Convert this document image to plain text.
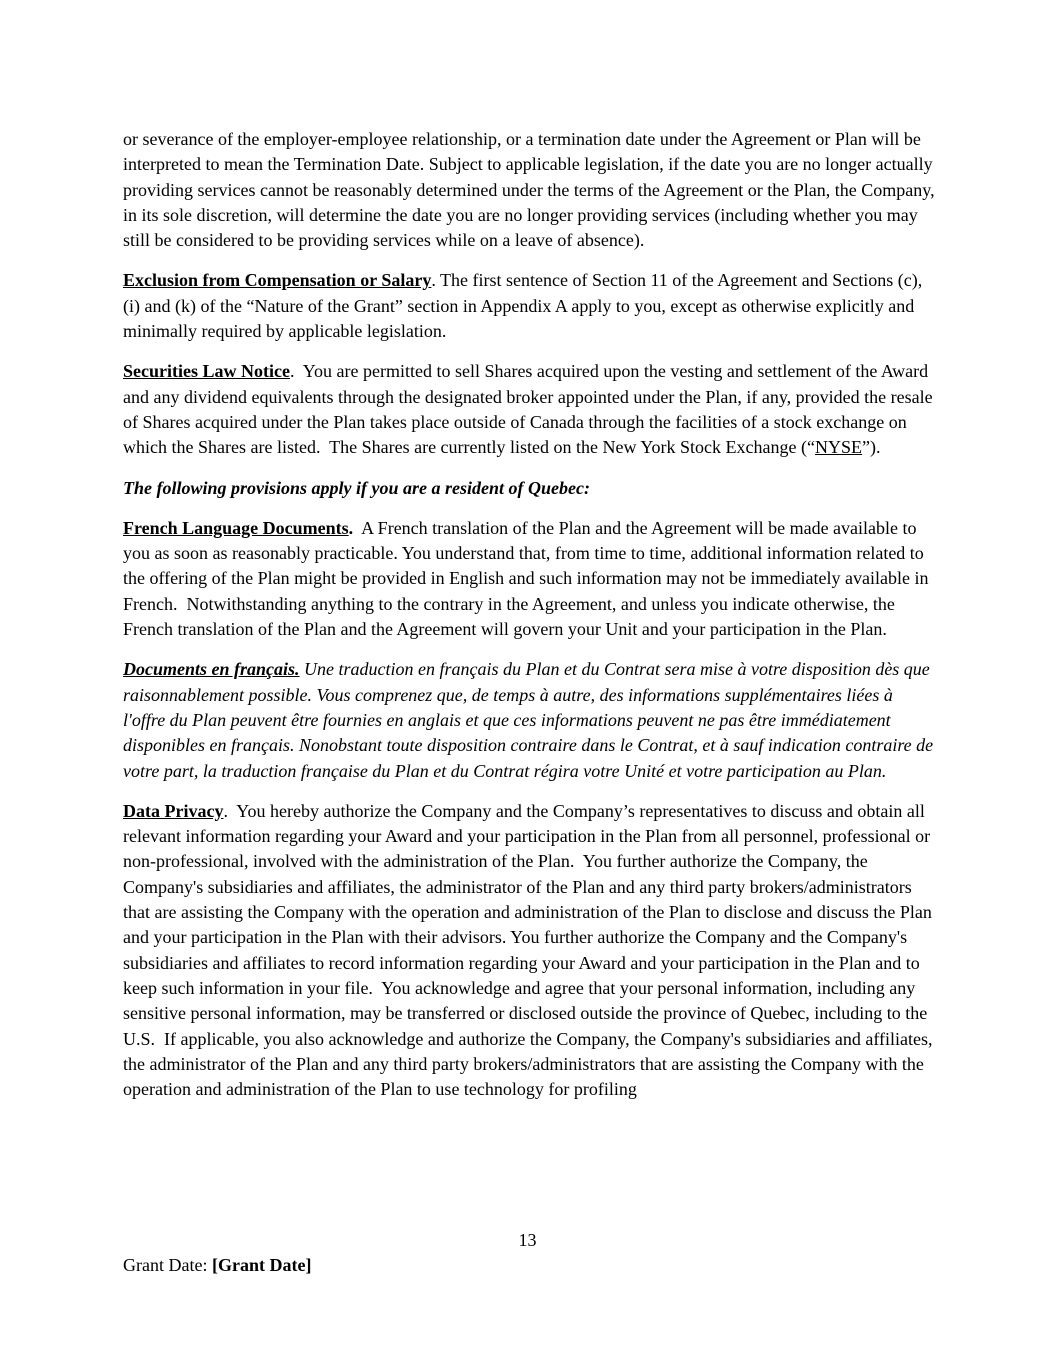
or severance of the employer-employee relationship, or a termination date under the Agreement or Plan will be interpreted to mean the Termination Date. Subject to applicable legislation, if the date you are no longer actually providing services cannot be reasonably determined under the terms of the Agreement or the Plan, the Company, in its sole discretion, will determine the date you are no longer providing services (including whether you may still be considered to be providing services while on a leave of absence).

Exclusion from Compensation or Salary. The first sentence of Section 11 of the Agreement and Sections (c), (i) and (k) of the “Nature of the Grant” section in Appendix A apply to you, except as otherwise explicitly and minimally required by applicable legislation.

Securities Law Notice.  You are permitted to sell Shares acquired upon the vesting and settlement of the Award and any dividend equivalents through the designated broker appointed under the Plan, if any, provided the resale of Shares acquired under the Plan takes place outside of Canada through the facilities of a stock exchange on which the Shares are listed.  The Shares are currently listed on the New York Stock Exchange (“NYSE”).

The following provisions apply if you are a resident of Quebec:

French Language Documents.  A French translation of the Plan and the Agreement will be made available to you as soon as reasonably practicable. You understand that, from time to time, additional information related to the offering of the Plan might be provided in English and such information may not be immediately available in French.  Notwithstanding anything to the contrary in the Agreement, and unless you indicate otherwise, the French translation of the Plan and the Agreement will govern your Unit and your participation in the Plan.

Documents en français. Une traduction en français du Plan et du Contrat sera mise à votre disposition dès que raisonnablement possible. Vous comprenez que, de temps à autre, des informations supplémentaires liées à l'offre du Plan peuvent être fournies en anglais et que ces informations peuvent ne pas être immédiatement disponibles en français. Nonobstant toute disposition contraire dans le Contrat, et à sauf indication contraire de votre part, la traduction française du Plan et du Contrat régira votre Unité et votre participation au Plan.

Data Privacy.  You hereby authorize the Company and the Company’s representatives to discuss and obtain all relevant information regarding your Award and your participation in the Plan from all personnel, professional or non-professional, involved with the administration of the Plan.  You further authorize the Company, the Company's subsidiaries and affiliates, the administrator of the Plan and any third party brokers/administrators that are assisting the Company with the operation and administration of the Plan to disclose and discuss the Plan and your participation in the Plan with their advisors. You further authorize the Company and the Company's subsidiaries and affiliates to record information regarding your Award and your participation in the Plan and to keep such information in your file.  You acknowledge and agree that your personal information, including any sensitive personal information, may be transferred or disclosed outside the province of Quebec, including to the U.S.  If applicable, you also acknowledge and authorize the Company, the Company's subsidiaries and affiliates, the administrator of the Plan and any third party brokers/administrators that are assisting the Company with the operation and administration of the Plan to use technology for profiling

13
Grant Date: [Grant Date]
